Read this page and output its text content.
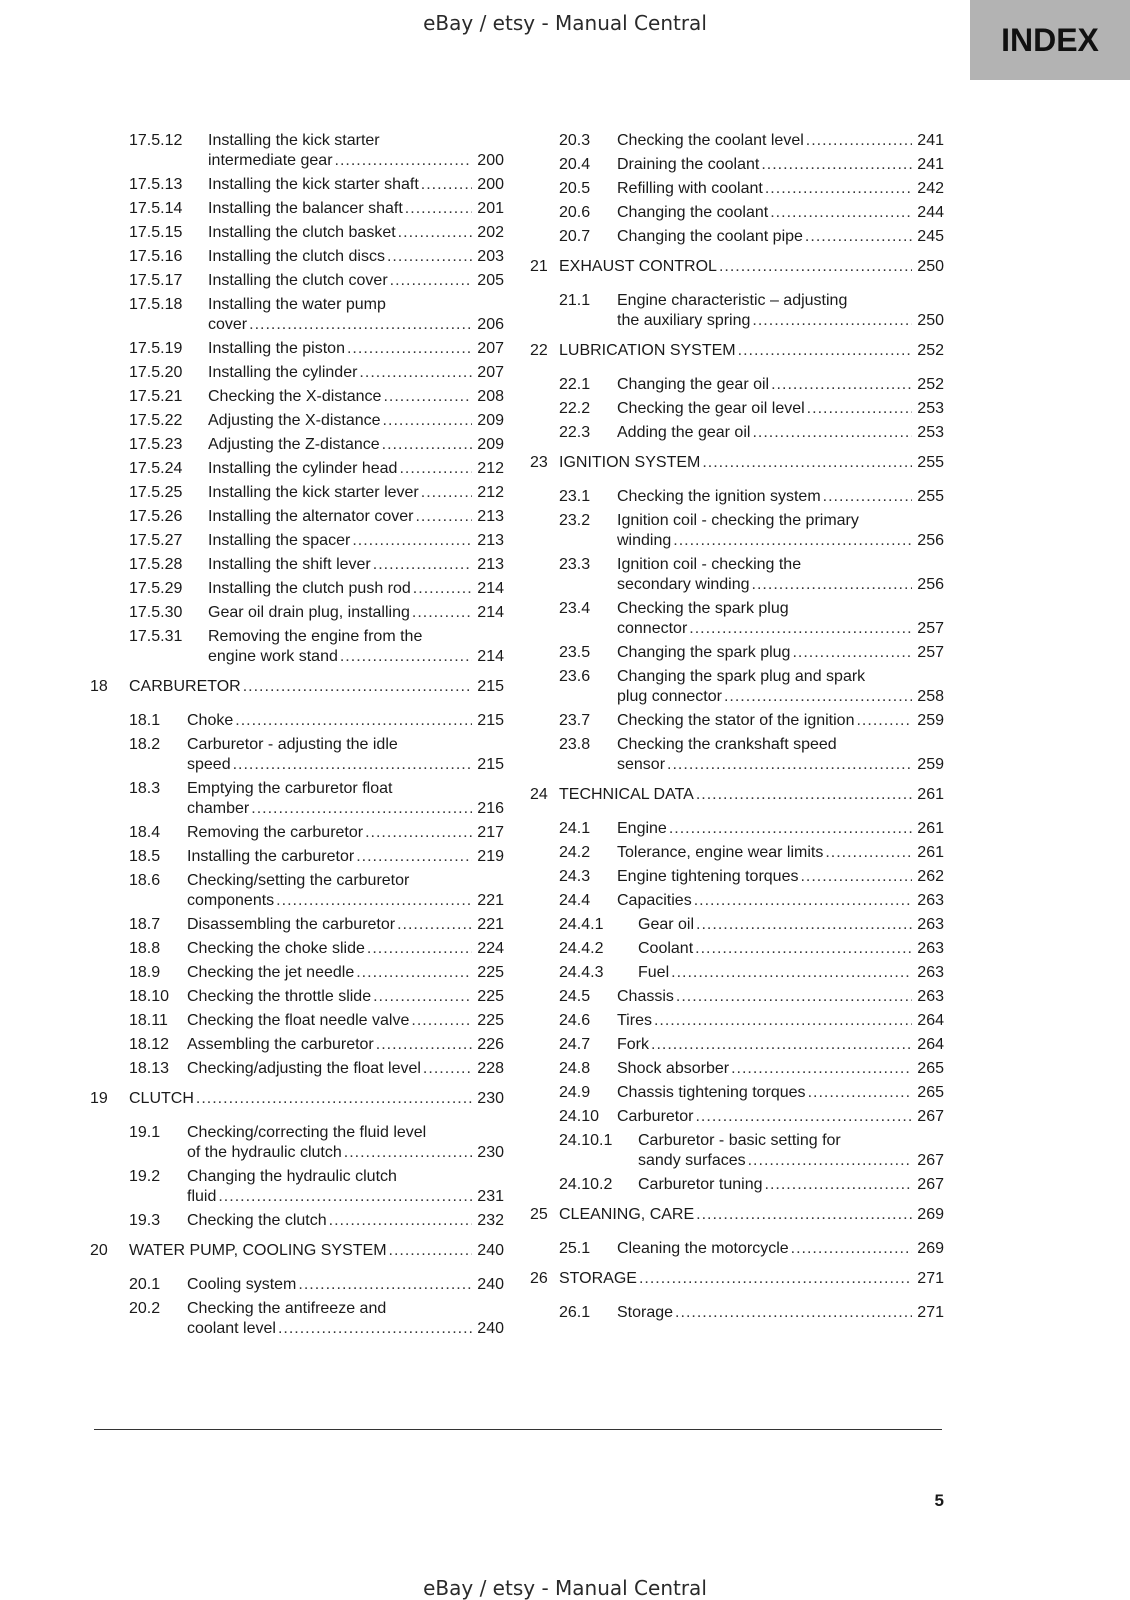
eBay / etsy - Manual Central	INDEX
17.5.12 Installing the kick starter
intermediate gear .....	200
17.5.13 Installing the kick starter shaft .....	200
17.5.14 Installing the balancer shaft .....	201
17.5.15 Installing the clutch basket .....	202
17.5.16 Installing the clutch discs .....	203
17.5.17 Installing the clutch cover .....	205
17.5.18 Installing the water pump
cover .....	206
17.5.19 Installing the piston .....	207
17.5.20 Installing the cylinder .....	207
17.5.21 Checking the X-distance .....	208
17.5.22 Adjusting the X-distance .....	209
17.5.23 Adjusting the Z-distance .....	209
17.5.24 Installing the cylinder head .....	212
17.5.25 Installing the kick starter lever .....	212
17.5.26 Installing the alternator cover .....	213
17.5.27 Installing the spacer .....	213
17.5.28 Installing the shift lever .....	213
17.5.29 Installing the clutch push rod .....	214
17.5.30 Gear oil drain plug, installing .....	214
17.5.31 Removing the engine from the
engine work stand .....	214
18 CARBURETOR .....	215
18.1 Choke .....	215
18.2 Carburetor - adjusting the idle
speed .....	215
18.3 Emptying the carburetor float
chamber .....	216
18.4 Removing the carburetor .....	217
18.5 Installing the carburetor .....	219
18.6 Checking/setting the carburetor
components .....	221
18.7 Disassembling the carburetor .....	221
18.8 Checking the choke slide .....	224
18.9 Checking the jet needle .....	225
18.10 Checking the throttle slide .....	225
18.11 Checking the float needle valve .....	225
18.12 Assembling the carburetor .....	226
18.13 Checking/adjusting the float level .....	228
19 CLUTCH .....	230
19.1 Checking/correcting the fluid level
of the hydraulic clutch .....	230
19.2 Changing the hydraulic clutch
fluid .....	231
19.3 Checking the clutch .....	232
20 WATER PUMP, COOLING SYSTEM .....	240
20.1 Cooling system .....	240
20.2 Checking the antifreeze and
coolant level .....	240
20.3 Checking the coolant level .....	241
20.4 Draining the coolant .....	241
20.5 Refilling with coolant .....	242
20.6 Changing the coolant .....	244
20.7 Changing the coolant pipe .....	245
21 EXHAUST CONTROL .....	250
21.1 Engine characteristic – adjusting
the auxiliary spring .....	250
22 LUBRICATION SYSTEM .....	252
22.1 Changing the gear oil .....	252
22.2 Checking the gear oil level .....	253
22.3 Adding the gear oil .....	253
23 IGNITION SYSTEM .....	255
23.1 Checking the ignition system .....	255
23.2 Ignition coil - checking the primary
winding .....	256
23.3 Ignition coil - checking the
secondary winding .....	256
23.4 Checking the spark plug
connector .....	257
23.5 Changing the spark plug .....	257
23.6 Changing the spark plug and spark
plug connector .....	258
23.7 Checking the stator of the ignition .....	259
23.8 Checking the crankshaft speed
sensor .....	259
24 TECHNICAL DATA .....	261
24.1 Engine .....	261
24.2 Tolerance, engine wear limits .....	261
24.3 Engine tightening torques .....	262
24.4 Capacities .....	263
24.4.1 Gear oil .....	263
24.4.2 Coolant .....	263
24.4.3 Fuel .....	263
24.5 Chassis .....	263
24.6 Tires .....	264
24.7 Fork .....	264
24.8 Shock absorber .....	265
24.9 Chassis tightening torques .....	265
24.10 Carburetor .....	267
24.10.1 Carburetor - basic setting for
sandy surfaces .....	267
24.10.2 Carburetor tuning .....	267
25 CLEANING, CARE .....	269
25.1 Cleaning the motorcycle .....	269
26 STORAGE .....	271
26.1 Storage .....	271
5
eBay / etsy - Manual Central
